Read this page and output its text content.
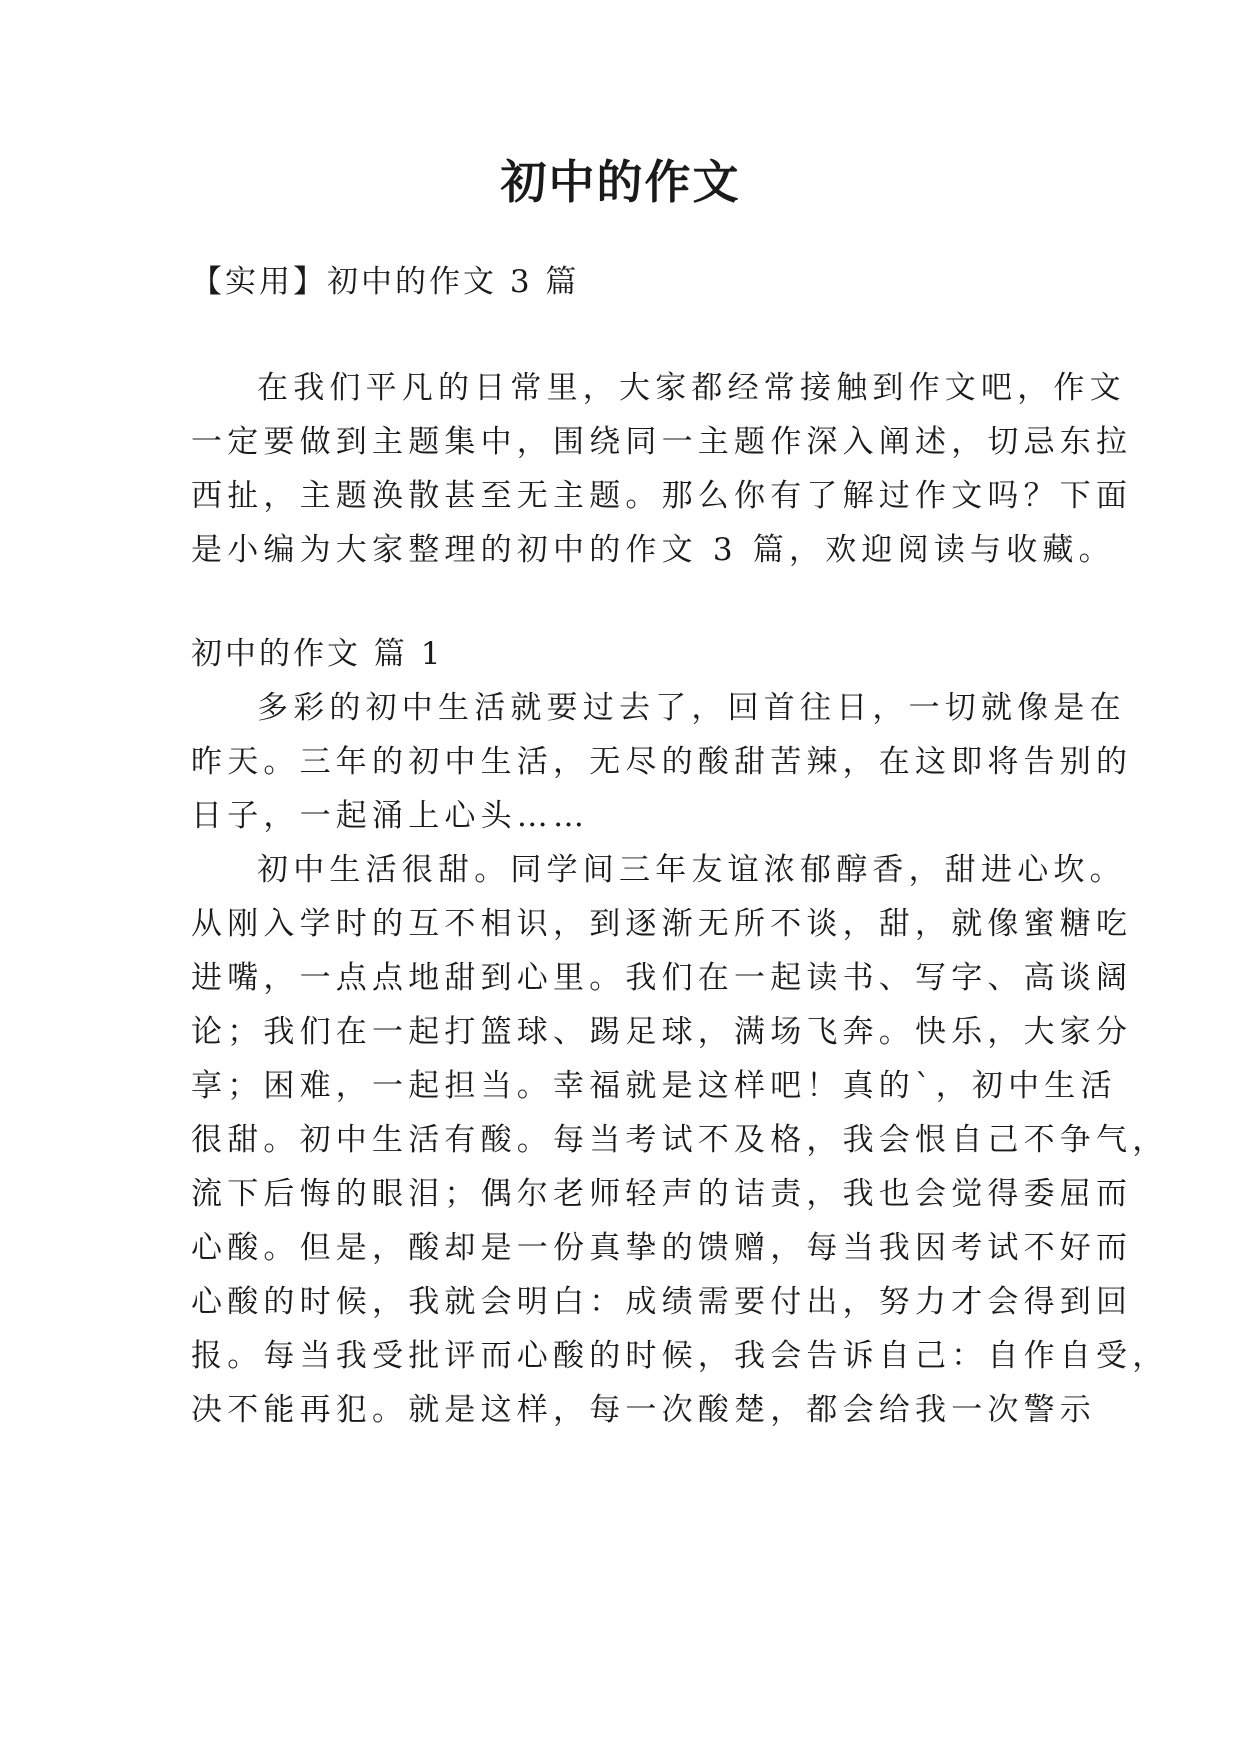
初中的作文
【实用】初中的作文 3 篇
在我们平凡的日常里，大家都经常接触到作文吧，作文
一定要做到主题集中，围绕同一主题作深入阐述，切忌东拉
西扯，主题涣散甚至无主题。那么你有了解过作文吗？下面
是小编为大家整理的初中的作文 3 篇，欢迎阅读与收藏。
初中的作文 篇 1
多彩的初中生活就要过去了，回首往日，一切就像是在
昨天。三年的初中生活，无尽的酸甜苦辣，在这即将告别的
日子，一起涌上心头……
初中生活很甜。同学间三年友谊浓郁醇香，甜进心坎。
从刚入学时的互不相识，到逐渐无所不谈，甜，就像蜜糖吃
进嘴，一点点地甜到心里。我们在一起读书、写字、高谈阔
论；我们在一起打篮球、踢足球，满场飞奔。快乐，大家分
享；困难，一起担当。幸福就是这样吧！真的`，初中生活
很甜。初中生活有酸。每当考试不及格，我会恨自己不争气，
流下后悔的眼泪；偶尔老师轻声的诘责，我也会觉得委屈而
心酸。但是，酸却是一份真挚的馈赠，每当我因考试不好而
心酸的时候，我就会明白：成绩需要付出，努力才会得到回
报。每当我受批评而心酸的时候，我会告诉自己：自作自受，
决不能再犯。就是这样，每一次酸楚，都会给我一次警示
